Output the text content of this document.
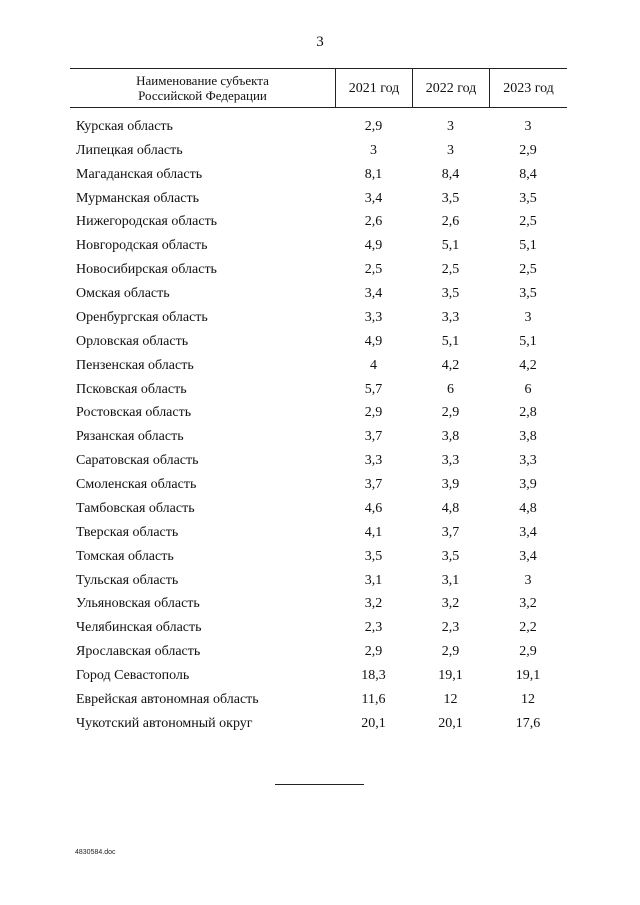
3
Наименование субъекта
Российской Федерации	2021 год	2022 год	2023 год
Курская область	2,9	3	3
Липецкая область	3	3	2,9
Магаданская область	8,1	8,4	8,4
Мурманская область	3,4	3,5	3,5
Нижегородская область	2,6	2,6	2,5
Новгородская область	4,9	5,1	5,1
Новосибирская область	2,5	2,5	2,5
Омская область	3,4	3,5	3,5
Оренбургская область	3,3	3,3	3
Орловская область	4,9	5,1	5,1
Пензенская область	4	4,2	4,2
Псковская область	5,7	6	6
Ростовская область	2,9	2,9	2,8
Рязанская область	3,7	3,8	3,8
Саратовская область	3,3	3,3	3,3
Смоленская область	3,7	3,9	3,9
Тамбовская область	4,6	4,8	4,8
Тверская область	4,1	3,7	3,4
Томская область	3,5	3,5	3,4
Тульская область	3,1	3,1	3
Ульяновская область	3,2	3,2	3,2
Челябинская область	2,3	2,3	2,2
Ярославская область	2,9	2,9	2,9
Город Севастополь	18,3	19,1	19,1
Еврейская автономная область	11,6	12	12
Чукотский автономный округ	20,1	20,1	17,6
4830584.doc
